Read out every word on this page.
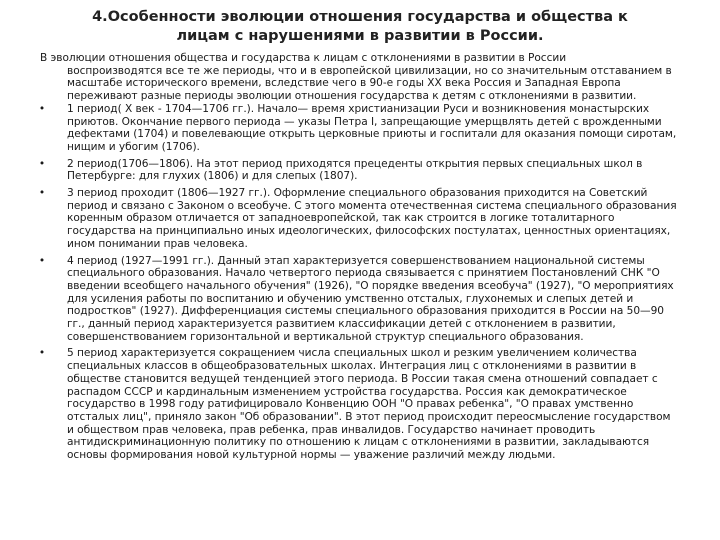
4.Особенности эволюции отношения государства и общества к лицам с нарушениями в развитии в России.

В эволюции отношения общества и государства к лицам с отклонениями в развитии в России
воспроизводятся все те же периоды, что и в европейской цивилизации, но со значительным отставанием в масштабе исторического времени, вследствие чего в 90-е годы XX века Россия и Западная Европа переживают разные периоды эволюции отношения государства к детям с отклонениями в развитии.

• 1 период( X век - 1704—1706 гг.). Начало— время христианизации Руси и возникновения монастырских приютов. Окончание первого периода — указы Петра I, запрещающие умерщвлять детей с врожденными дефектами (1704) и повелевающие открыть церковные приюты и госпитали для оказания помощи сиротам, нищим и убогим (1706).
• 2 период(1706—1806). На этот период приходятся прецеденты открытия первых специальных школ в Петербурге: для глухих (1806) и для слепых (1807).
• 3 период проходит (1806—1927 гг.). Оформление специального образования приходится на Советский период и связано с Законом о всеобуче. С этого момента отечественная система специального образования коренным образом отличается от западноевропейской, так как строится в логике тоталитарного государства на принципиально иных идеологических, философских постулатах, ценностных ориентациях, ином понимании прав человека.
• 4 период (1927—1991 гг.). Данный этап характеризуется совершенствованием национальной системы специального образования. Начало четвертого периода связывается с принятием Постановлений СНК "О введении всеобщего начального обучения" (1926), "О порядке введения всеобуча" (1927), "О мероприятиях для усиления работы по воспитанию и обучению умственно отсталых, глухонемых и слепых детей и подростков" (1927). Дифференциация системы специального образования приходится в России на 50—90 гг., данный период характеризуется развитием классификации детей с отклонением в развитии, совершенствованием горизонтальной и вертикальной структур специального образования.
• 5 период характеризуется сокращением числа специальных школ и резким увеличением количества специальных классов в общеобразовательных школах. Интеграция лиц с отклонениями в развитии в обществе становится ведущей тенденцией этого периода. В России такая смена отношений совпадает с распадом СССР и кардинальным изменением устройства государства. Россия как демократическое государство в 1998 году ратифицировало Конвенцию ООН "О правах ребенка", "О правах умственно отсталых лиц", приняло закон "Об образовании". В этот период происходит переосмысление государством и обществом прав человека, прав ребенка, прав инвалидов. Государство начинает проводить антидискриминационную политику по отношению к лицам с отклонениями в развитии, закладываются основы формирования новой культурной нормы — уважение различий между людьми.
